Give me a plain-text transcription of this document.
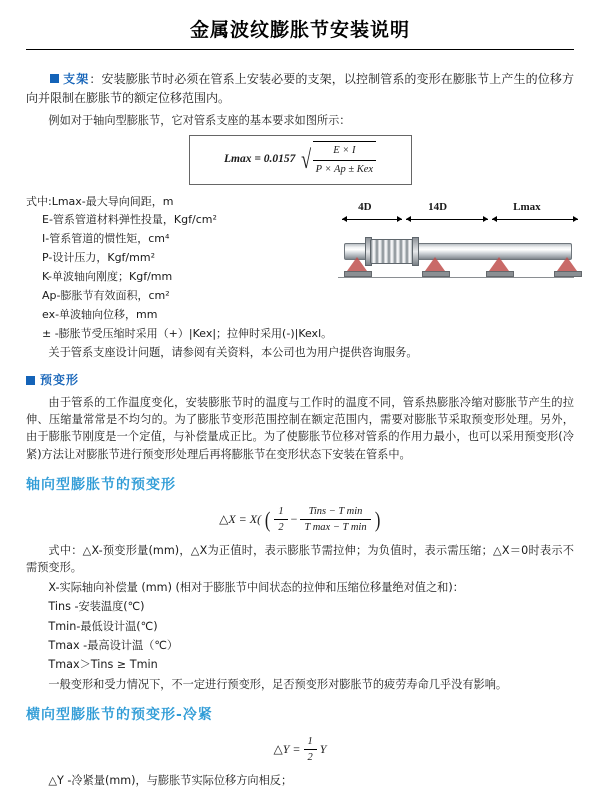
金属波纹膨胀节安装说明

支架：安装膨胀节时必须在管系上安装必要的支架，以控制管系的变形在膨胀节上产生的位移方向并限制在膨胀节的额定位移范围内。

例如对于轴向型膨胀节，它对管系支座的基本要求如图所示：

Lmax = 0.0157 √ $\frac{E \times I}{\text{P × Ap ± Kex}}$
式中:Lmax-最大导向间距，m
E-管系管道材料弹性投量，Kgf/cm²
I-管系管道的惯性矩，cm⁴
P-设计压力，Kgf/mm²
K-单波轴向刚度；Kgf/mm
Ap-膨胀节有效面积，cm²
ex-单波轴向位移，mm
± -膨胀节受压缩时采用（+）|Kex|；拉伸时采用(-)|Kexl。
4D	14D	Lmax

关于管系支座设计问题，请参阅有关资料，本公司也为用户提供咨询服务。

预变形

由于管系的工作温度变化，安装膨胀节时的温度与工作时的温度不同，管系热膨胀冷缩对膨胀节产生的拉伸、压缩量常常是不均匀的。为了膨胀节变形范围控制在额定范围内，需要对膨胀节采取预变形处理。另外，由于膨胀节刚度是一个定值，与补偿量成正比。为了使膨胀节位移对管系的作用力最小，也可以采用预变形(冷紧)方法让对膨胀节进行预变形处理后再将膨胀节在变形状态下安装在管系中。

轴向型膨胀节的预变形
△X = X( ( $\frac{1}{2} - \frac{\text{Tins − T min}}{\text{T max − T min}}$ )

式中：△X-预变形量(mm)，△X为正值时，表示膨胀节需拉伸；为负值时，表示需压缩；△X＝0时表示不需预变形。

X-实际轴向补偿量 (mm) (相对于膨胀节中间状态的拉伸和压缩位移量绝对值之和)：

Tins -安装温度(℃)

Tmin-最低设计温(℃)

Tmax -最高设计温（℃）

Tmax＞Tins ≥ Tmin

一般变形和受力情况下，不一定进行预变形，足否预变形对膨胀节的疲劳寿命几乎没有影响。

横向型膨胀节的预变形-冷紧
△Y = $\frac{1}{2}$ Y

△Y -冷紧量(mm)，与膨胀节实际位移方向相反；
